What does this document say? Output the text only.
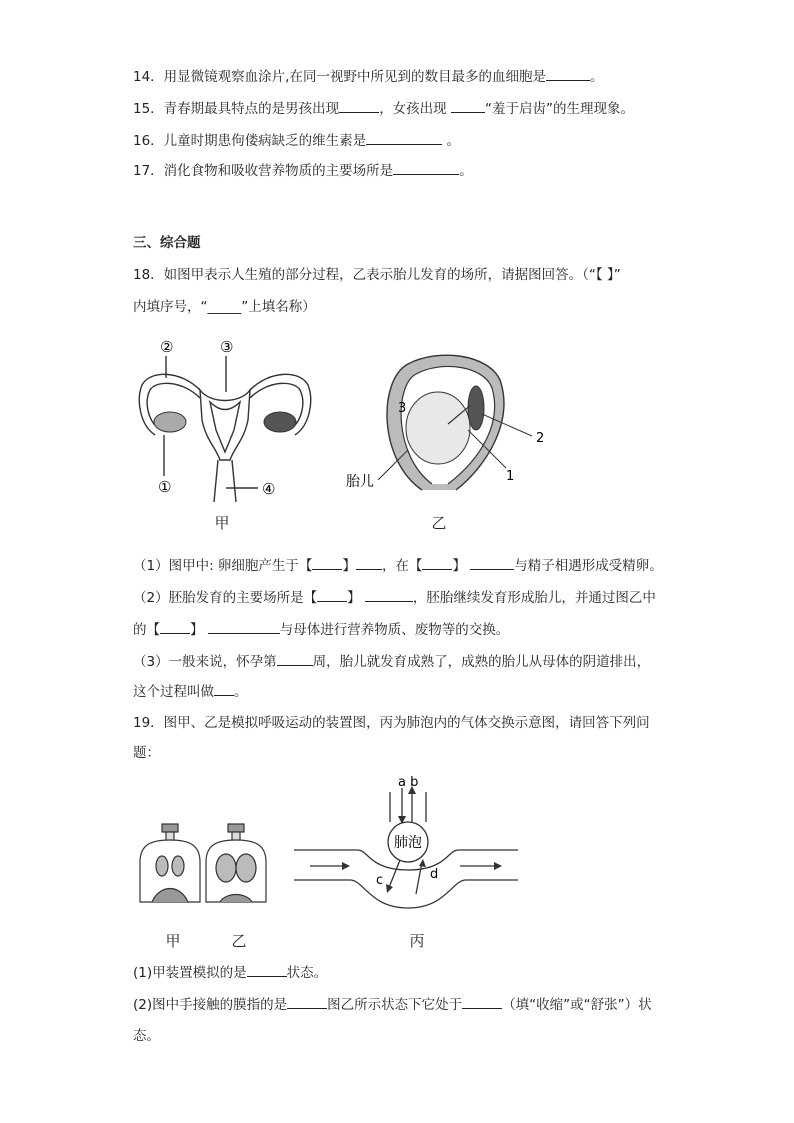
14．用显微镜观察血涂片,在同一视野中所见到的数目最多的血细胞是	。
15．青春期最具特点的是男孩出现	，女孩出现	“羞于启齿”的生理现象。
16．儿童时期患佝偻病缺乏的维生素是	。
17．消化食物和吸收营养物质的主要场所是	。
三、综合题
18．如图甲表示人生殖的部分过程，乙表示胎儿发育的场所，请据图回答。（“【 】”
内填序号，“_____”上填名称）
②	③
①	④
甲
3
2
1
胎儿
乙
（1）图甲中: 卵细胞产生于【 】 ，在【 】	与精子相遇形成受精卵。
（2）胚胎发育的主要场所是【 】	，胚胎继续发育形成胎儿，并通过图乙中
的【 】	与母体进行营养物质、废物等的交换。
（3）一般来说，怀孕第	周，胎儿就发育成熟了，成熟的胎儿从母体的阴道排出，
这个过程叫做 。
19．图甲、乙是模拟呼吸运动的装置图，丙为肺泡内的气体交换示意图，请回答下列问
题：
甲	乙
a b
肺泡
c	d
丙
(1)甲装置模拟的是	状态。
(2)图中手接触的膜指的是	图乙所示状态下它处于	（填“收缩”或“舒张”）状
态。
